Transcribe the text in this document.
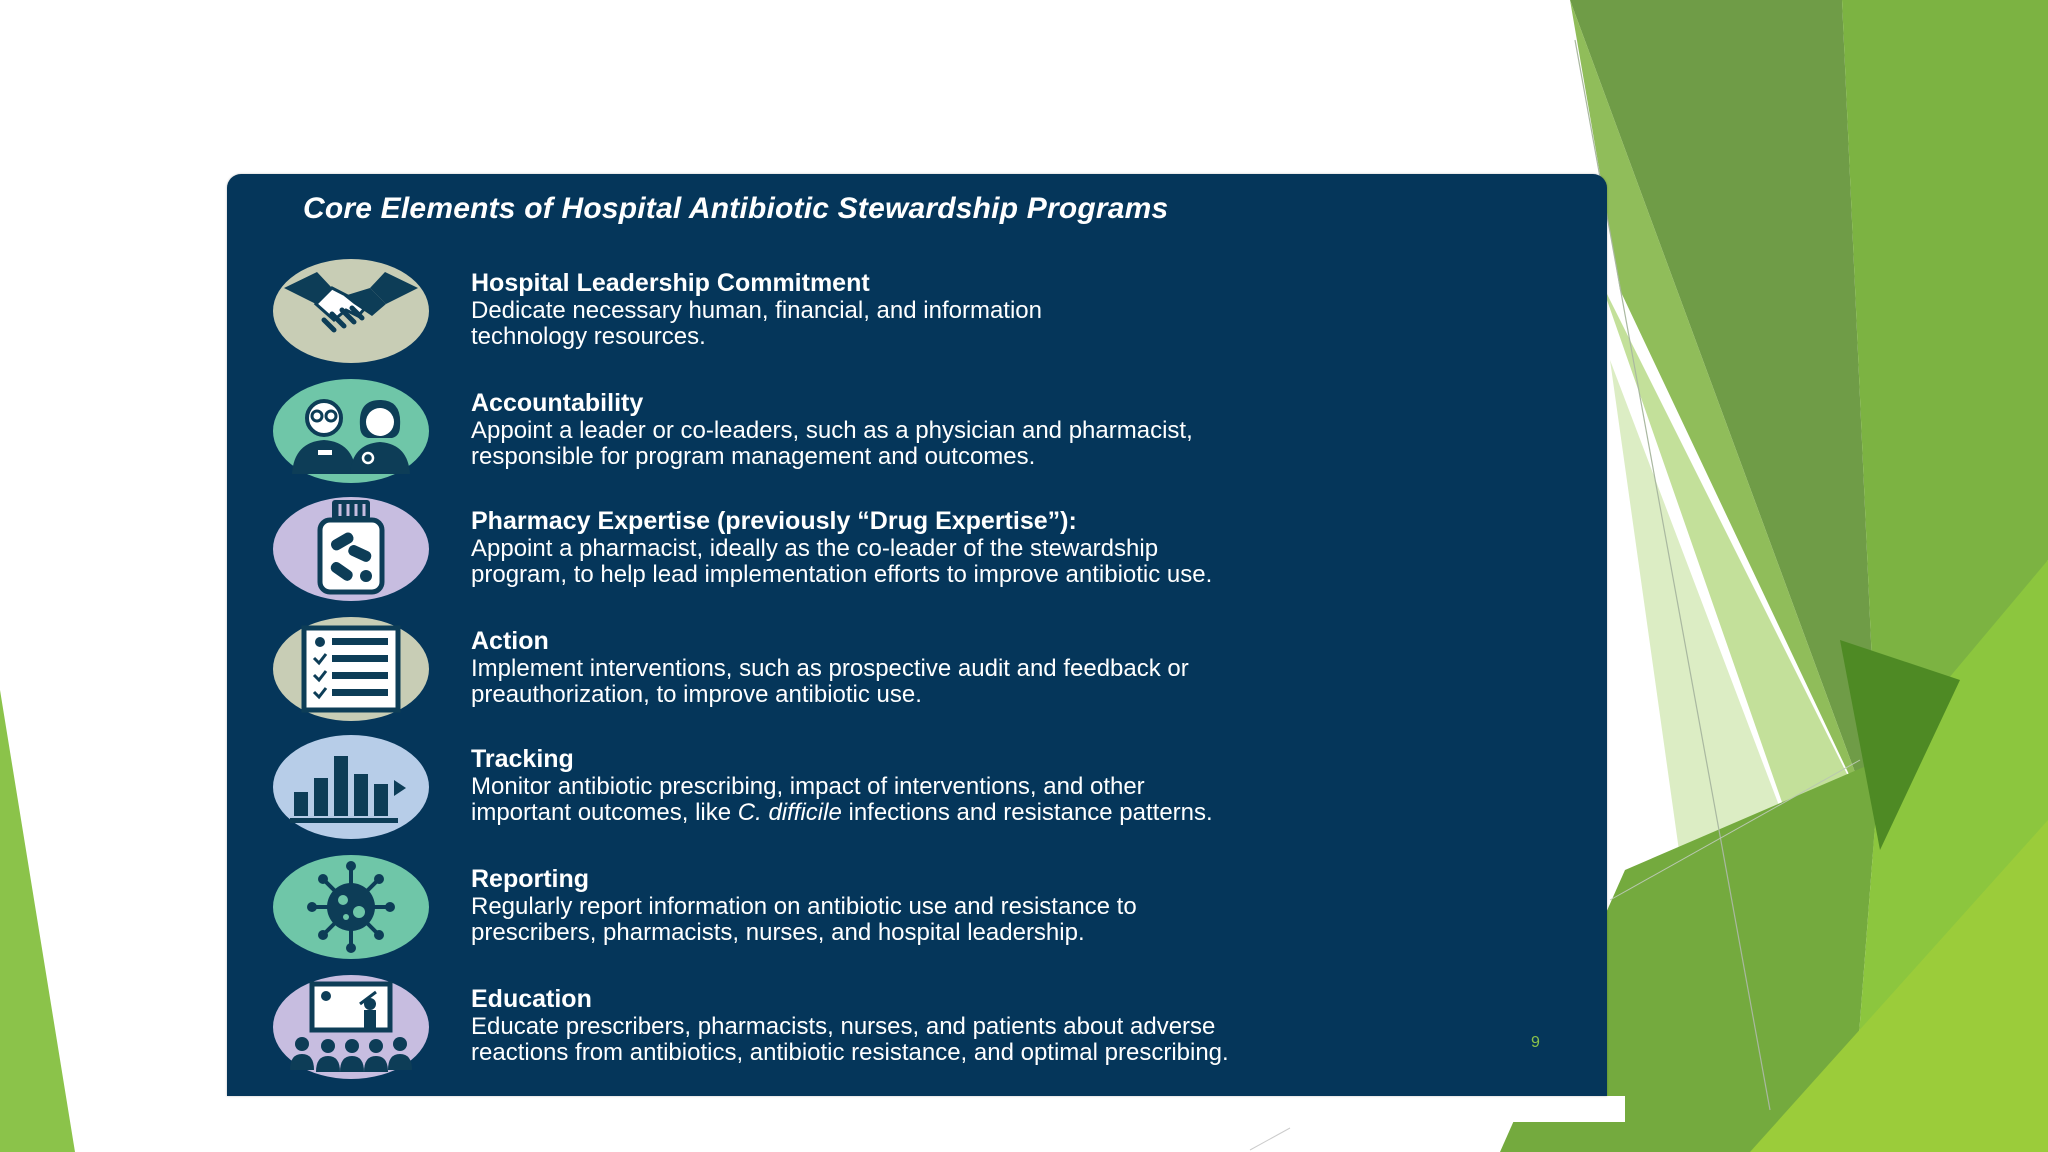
Core Elements of Hospital Antibiotic Stewardship Programs
Hospital Leadership Commitment
Dedicate necessary human, financial, and information
technology resources.
Accountability
Appoint a leader or co-leaders, such as a physician and pharmacist,
responsible for program management and outcomes.
Pharmacy Expertise (previously “Drug Expertise”):
Appoint a pharmacist, ideally as the co-leader of the stewardship
program, to help lead implementation efforts to improve antibiotic use.
Action
Implement interventions, such as prospective audit and feedback or
preauthorization, to improve antibiotic use.
Tracking
Monitor antibiotic prescribing, impact of interventions, and other
important outcomes, like C. difficile infections and resistance patterns.
Reporting
Regularly report information on antibiotic use and resistance to
prescribers, pharmacists, nurses, and hospital leadership.
Education
Educate prescribers, pharmacists, nurses, and patients about adverse
reactions from antibiotics, antibiotic resistance, and optimal prescribing.	9
